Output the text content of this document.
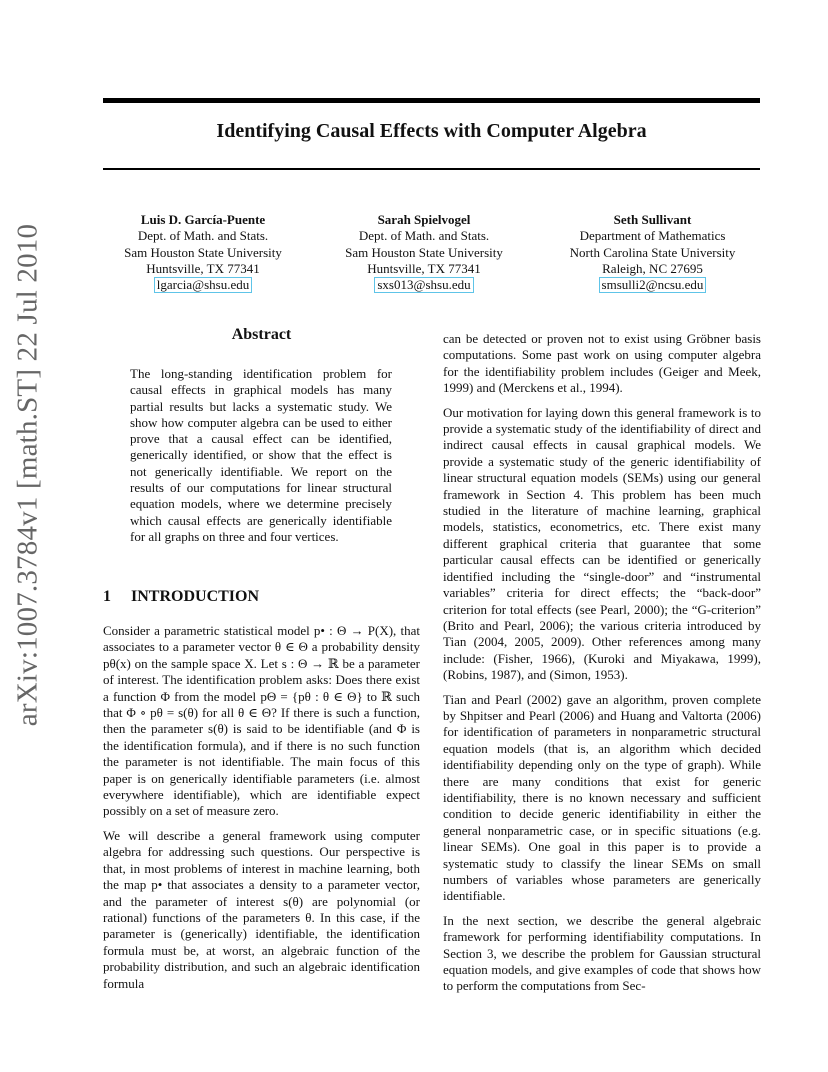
arXiv:1007.3784v1 [math.ST] 22 Jul 2010
Identifying Causal Effects with Computer Algebra
Luis D. García-Puente
Dept. of Math. and Stats.
Sam Houston State University
Huntsville, TX 77341
lgarcia@shsu.edu
Sarah Spielvogel
Dept. of Math. and Stats.
Sam Houston State University
Huntsville, TX 77341
sxs013@shsu.edu
Seth Sullivant
Department of Mathematics
North Carolina State University
Raleigh, NC 27695
smsulli2@ncsu.edu
Abstract
The long-standing identification problem for causal effects in graphical models has many partial results but lacks a systematic study. We show how computer algebra can be used to either prove that a causal effect can be identified, generically identified, or show that the effect is not generically identifiable. We report on the results of our computations for linear structural equation models, where we determine precisely which causal effects are generically identifiable for all graphs on three and four vertices.
1 INTRODUCTION

Consider a parametric statistical model p• : Θ → P(X), that associates to a parameter vector θ ∈ Θ a probability density pθ(x) on the sample space X. Let s : Θ → ℝ be a parameter of interest. The identification problem asks: Does there exist a function Φ from the model pΘ = {pθ : θ ∈ Θ} to ℝ such that Φ ∘ pθ = s(θ) for all θ ∈ Θ? If there is such a function, then the parameter s(θ) is said to be identifiable (and Φ is the identification formula), and if there is no such function the parameter is not identifiable. The main focus of this paper is on generically identifiable parameters (i.e. almost everywhere identifiable), which are identifiable expect possibly on a set of measure zero.

We will describe a general framework using computer algebra for addressing such questions. Our perspective is that, in most problems of interest in machine learning, both the map p• that associates a density to a parameter vector, and the parameter of interest s(θ) are polynomial (or rational) functions of the parameters θ. In this case, if the parameter is (generically) identifiable, the identification formula must be, at worst, an algebraic function of the probability distribution, and such an algebraic identification formula

can be detected or proven not to exist using Gröbner basis computations. Some past work on using computer algebra for the identifiability problem includes (Geiger and Meek, 1999) and (Merckens et al., 1994).

Our motivation for laying down this general framework is to provide a systematic study of the identifiability of direct and indirect causal effects in causal graphical models. We provide a systematic study of the generic identifiability of linear structural equation models (SEMs) using our general framework in Section 4. This problem has been much studied in the literature of machine learning, graphical models, statistics, econometrics, etc. There exist many different graphical criteria that guarantee that some particular causal effects can be identified or generically identified including the “single-door” and “instrumental variables” criteria for direct effects; the “back-door” criterion for total effects (see Pearl, 2000); the “G-criterion” (Brito and Pearl, 2006); the various criteria introduced by Tian (2004, 2005, 2009). Other references among many include: (Fisher, 1966), (Kuroki and Miyakawa, 1999), (Robins, 1987), and (Simon, 1953).

Tian and Pearl (2002) gave an algorithm, proven complete by Shpitser and Pearl (2006) and Huang and Valtorta (2006) for identification of parameters in nonparametric structural equation models (that is, an algorithm which decided identifiability depending only on the type of graph). While there are many conditions that exist for generic identifiability, there is no known necessary and sufficient condition to decide generic identifiability in either the general nonparametric case, or in specific situations (e.g. linear SEMs). One goal in this paper is to provide a systematic study to classify the linear SEMs on small numbers of variables whose parameters are generically identifiable.

In the next section, we describe the general algebraic framework for performing identifiability computations. In Section 3, we describe the problem for Gaussian structural equation models, and give examples of code that shows how to perform the computations from Sec-
